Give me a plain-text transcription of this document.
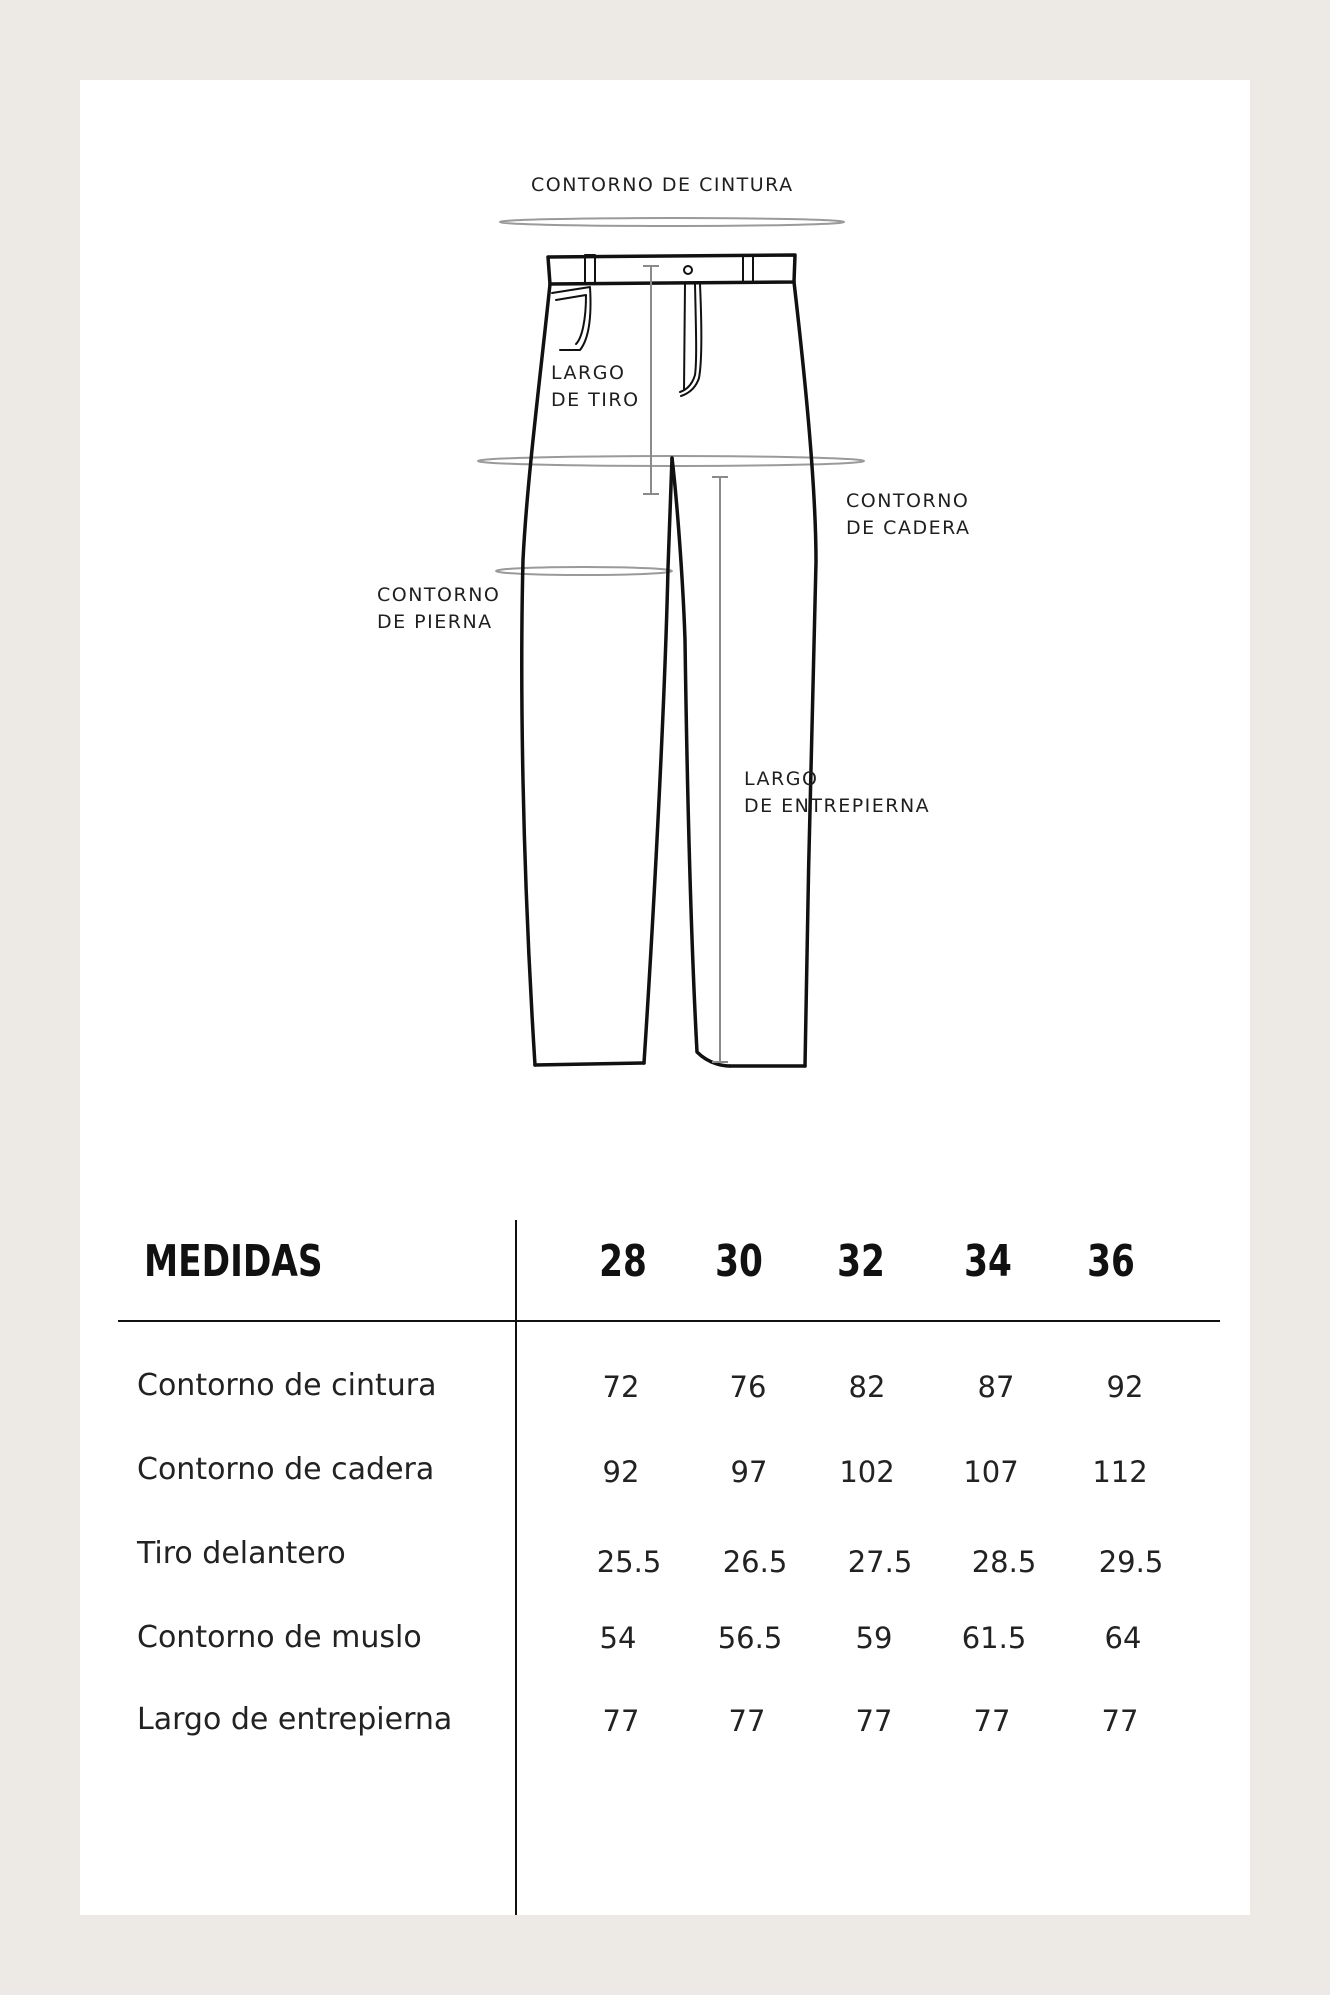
CONTORNO DE CINTURA
LARGO
DE TIRO
CONTORNO
DE CADERA
CONTORNO
DE PIERNA
LARGO
DE ENTREPIERNA
MEDIDAS	28	30	32	34	36
Contorno de cintura	72	76	82	87	92
Contorno de cadera	92	97	102	107	112
Tiro delantero	25.5	26.5	27.5	28.5	29.5
Contorno de muslo	54	56.5	59	61.5	64
Largo de entrepierna	77	77	77	77	77
